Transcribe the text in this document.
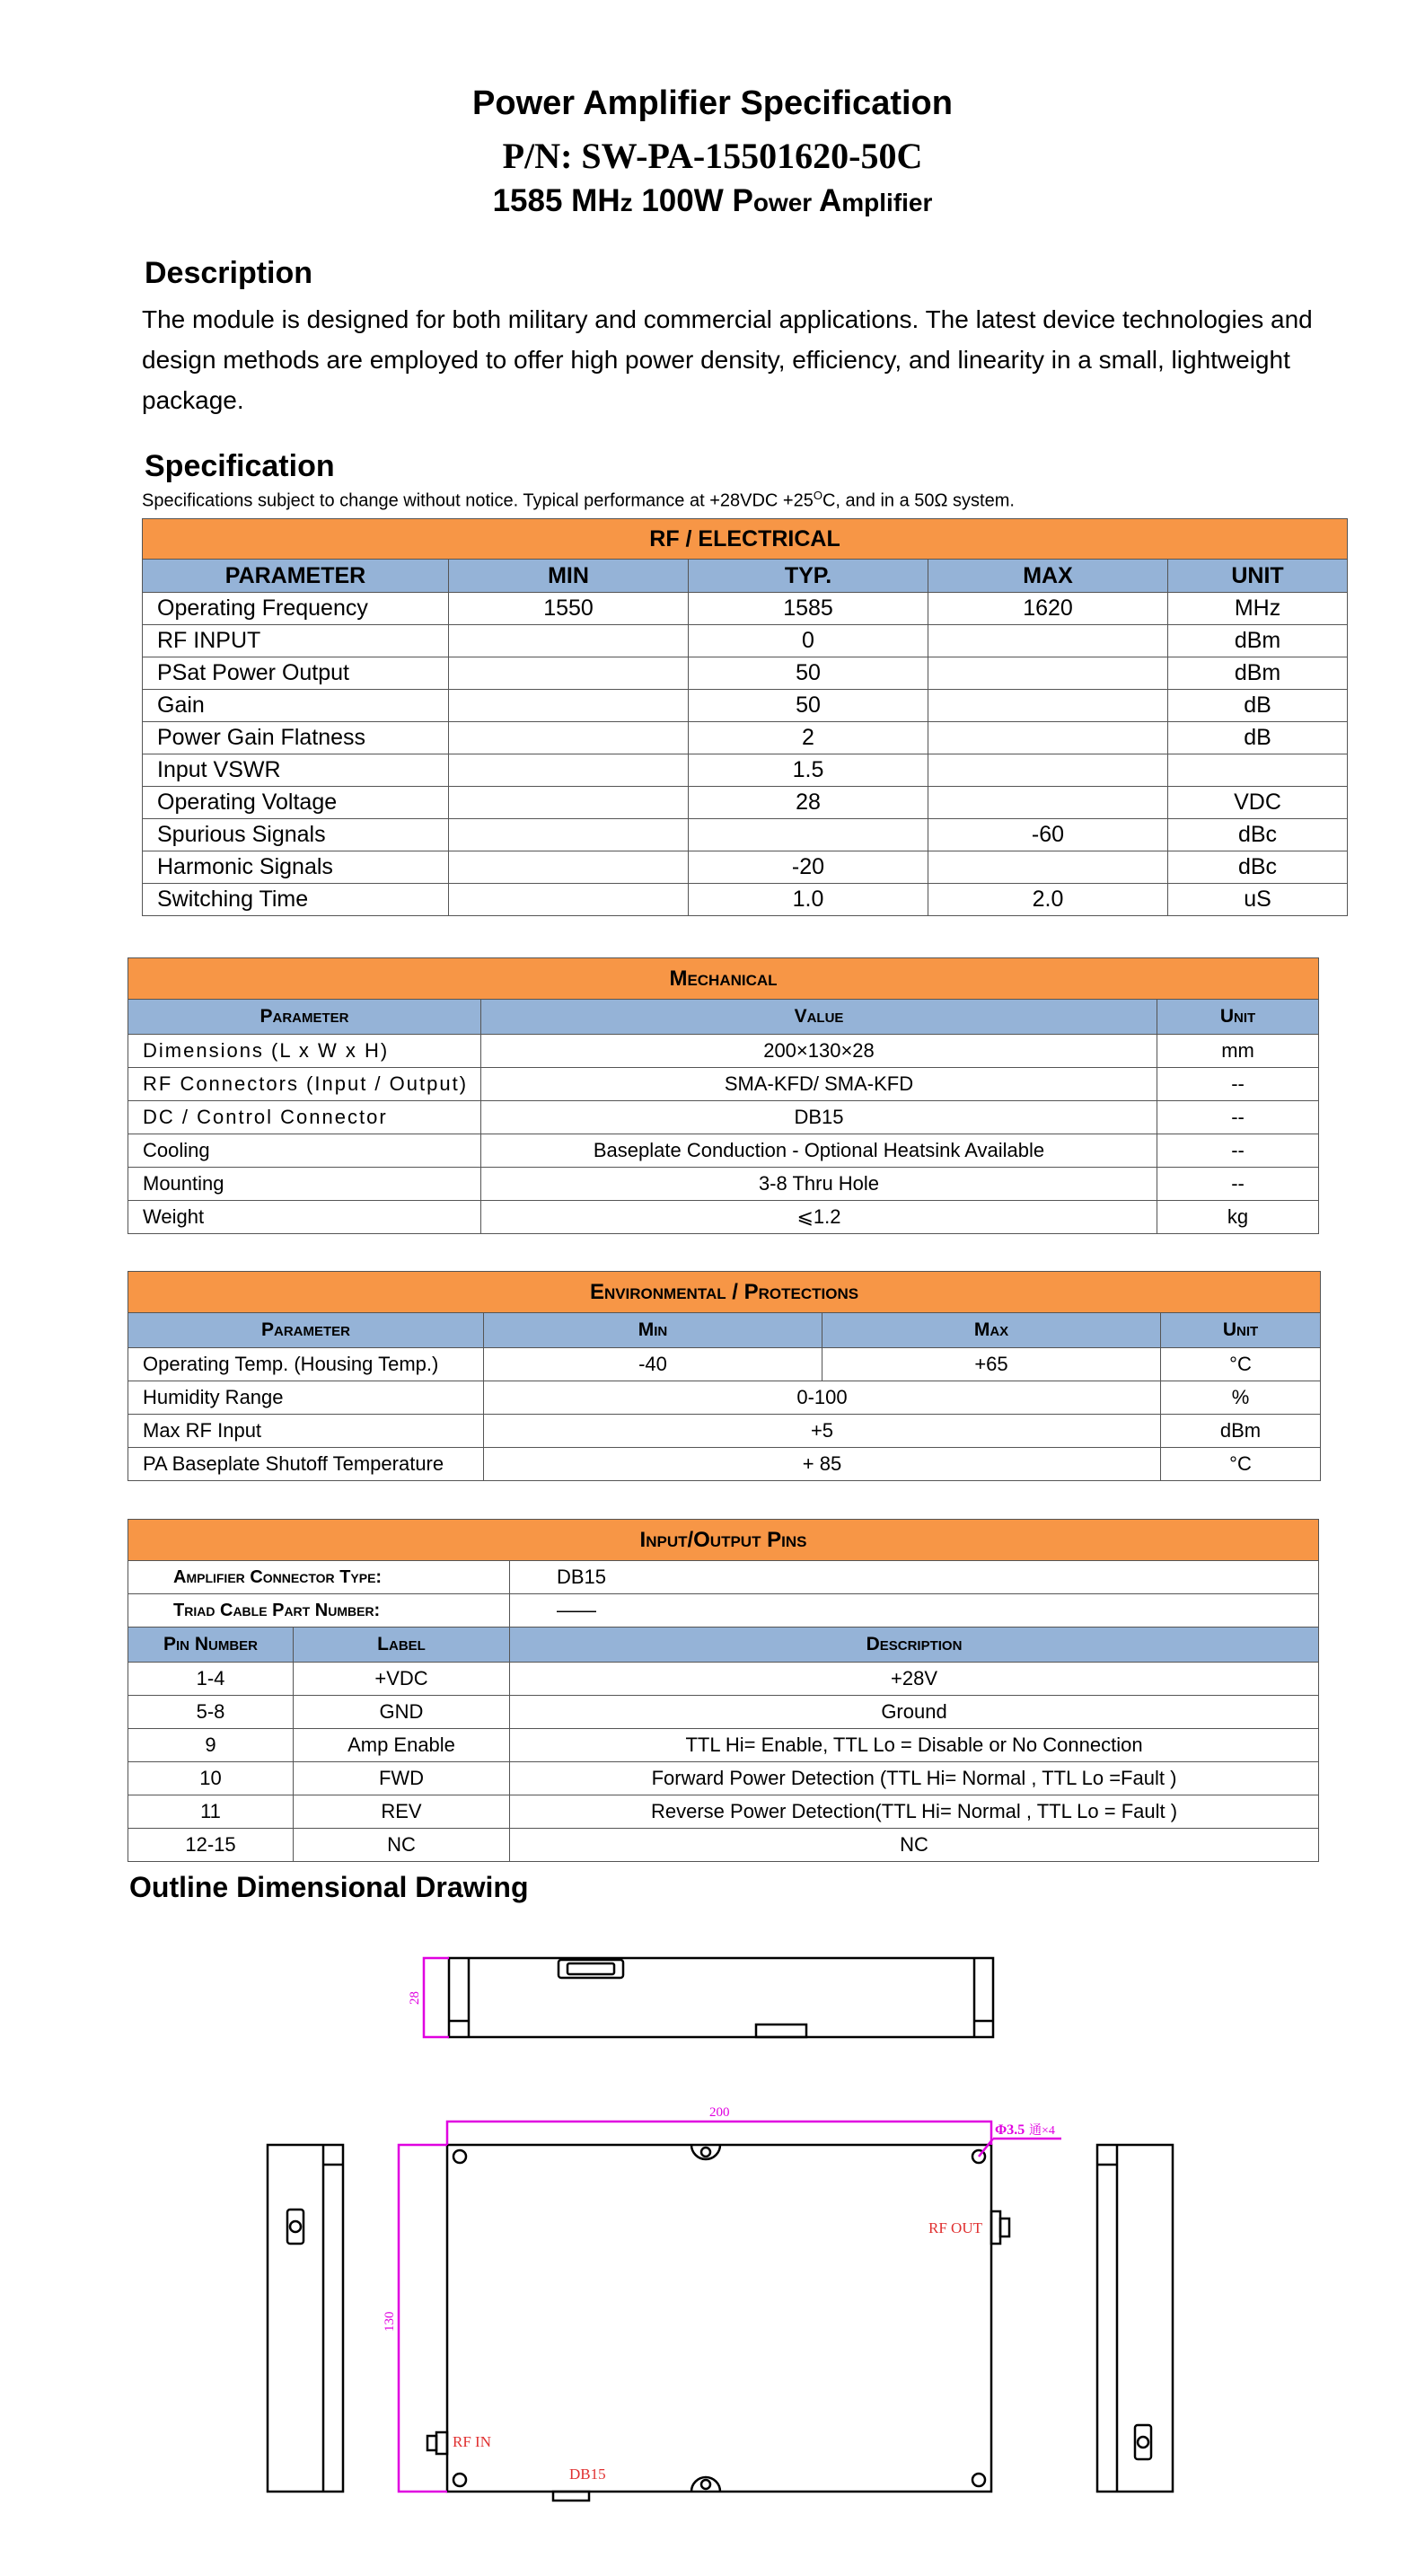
Power Amplifier Specification
P/N: SW-PA-15501620-50C
1585 MHz 100W Power Amplifier
Description
The module is designed for both military and commercial applications. The latest device technologies and design methods are employed to offer high power density, efficiency, and linearity in a small, lightweight package.
Specification
Specifications subject to change without notice. Typical performance at $+28VDC +25^OC$, and in a 50Ω system.
RF / ELECTRICAL				
PARAMETER	MIN	TYP.	MAX	UNIT
Operating Frequency	1550	1585	1620	MHz
RF INPUT		0		dBm
PSat Power Output		50		dBm
Gain		50		dB
Power Gain Flatness		2		dB
Input VSWR		1.5		
Operating Voltage		28		VDC
Spurious Signals			-60	dBc
Harmonic Signals		-20		dBc
Switching Time		1.0	2.0	uS
Mechanical		
Parameter	Value	Unit
Dimensions (L x W x H)	200×130×28	mm
RF Connectors (Input / Output)	SMA-KFD/ SMA-KFD	--
DC / Control Connector	DB15	--
Cooling	Baseplate Conduction - Optional Heatsink Available	--
Mounting	3-8 Thru Hole	--
Weight	⩽1.2	kg
Environmental / Protections			
Parameter	Min	Max	Unit
Operating Temp. (Housing Temp.)	-40	+65	°C
Humidity Range	0-100		%
Max RF Input	+5		dBm
PA Baseplate Shutoff Temperature	+ 85		°C
Input/Output Pins		
Amplifier Connector Type:		DB15
Triad Cable Part Number:		——
Pin Number	Label	Description
1-4	+VDC	+28V
5-8	GND	Ground
9	Amp Enable	TTL Hi= Enable, TTL Lo = Disable or No Connection
10	FWD	Forward Power Detection (TTL Hi= Normal , TTL Lo =Fault )
11	REV	Reverse Power Detection(TTL Hi= Normal , TTL Lo = Fault )
12-15	NC	NC
Outline Dimensional Drawing
28
200
130
Φ3.5 通×4
RF OUT
RF IN
DB15
